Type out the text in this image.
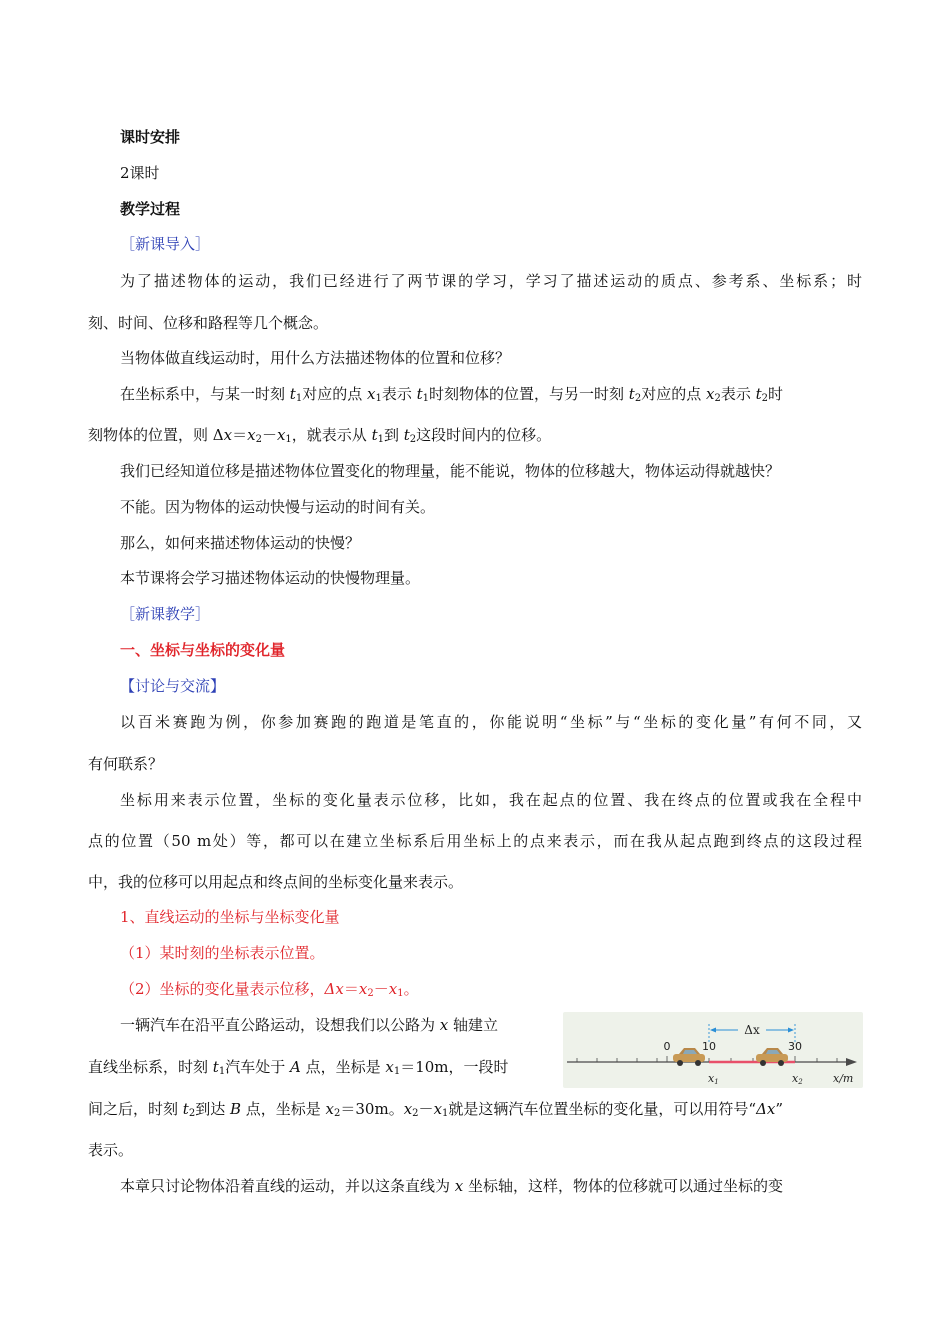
课时安排
2课时
教学过程
［新课导入］
为了描述物体的运动，我们已经进行了两节课的学习，学习了描述运动的质点、参考系、坐标系；时
刻、时间、位移和路程等几个概念。
当物体做直线运动时，用什么方法描述物体的位置和位移？
在坐标系中，与某一时刻 $t_1$对应的点 $x_1$表示 $t_1$时刻物体的位置，与另一时刻 $t_2$对应的点 $x_2$表示 $t_2$时
刻物体的位置，则 $\Delta x=x_2-x_1$，就表示从 $t_1$到 $t_2$这段时间内的位移。
我们已经知道位移是描述物体位置变化的物理量，能不能说，物体的位移越大，物体运动得就越快？
不能。因为物体的运动快慢与运动的时间有关。
那么，如何来描述物体运动的快慢？
本节课将会学习描述物体运动的快慢物理量。
［新课教学］
一、坐标与坐标的变化量
【讨论与交流】
以百米赛跑为例，你参加赛跑的跑道是笔直的，你能说明“坐标”与“坐标的变化量”有何不同，又
有何联系？
坐标用来表示位置，坐标的变化量表示位移，比如，我在起点的位置、我在终点的位置或我在全程中
点的位置（50 m处）等，都可以在建立坐标系后用坐标上的点来表示，而在我从起点跑到终点的这段过程
中，我的位移可以用起点和终点间的坐标变化量来表示。
1、直线运动的坐标与坐标变化量
（1）某时刻的坐标表示位置。
（2）坐标的变化量表示位移，$\Delta x=x_2-x_1$。
一辆汽车在沿平直公路运动，设想我们以公路为 x 轴建立
直线坐标系，时刻 $t_1$汽车处于 A 点，坐标是 $x_1=10m$，一段时
间之后，时刻 $t_2$到达 B 点，坐标是 $x_2=30m$。$x_2-x_1$就是这辆汽车位置坐标的变化量，可以用符号“Δx”
表示。
本章只讨论物体沿着直线的运动，并以这条直线为 x 坐标轴，这样，物体的位移就可以通过坐标的变
Δx
0	10	30
x1	x2	x/m
